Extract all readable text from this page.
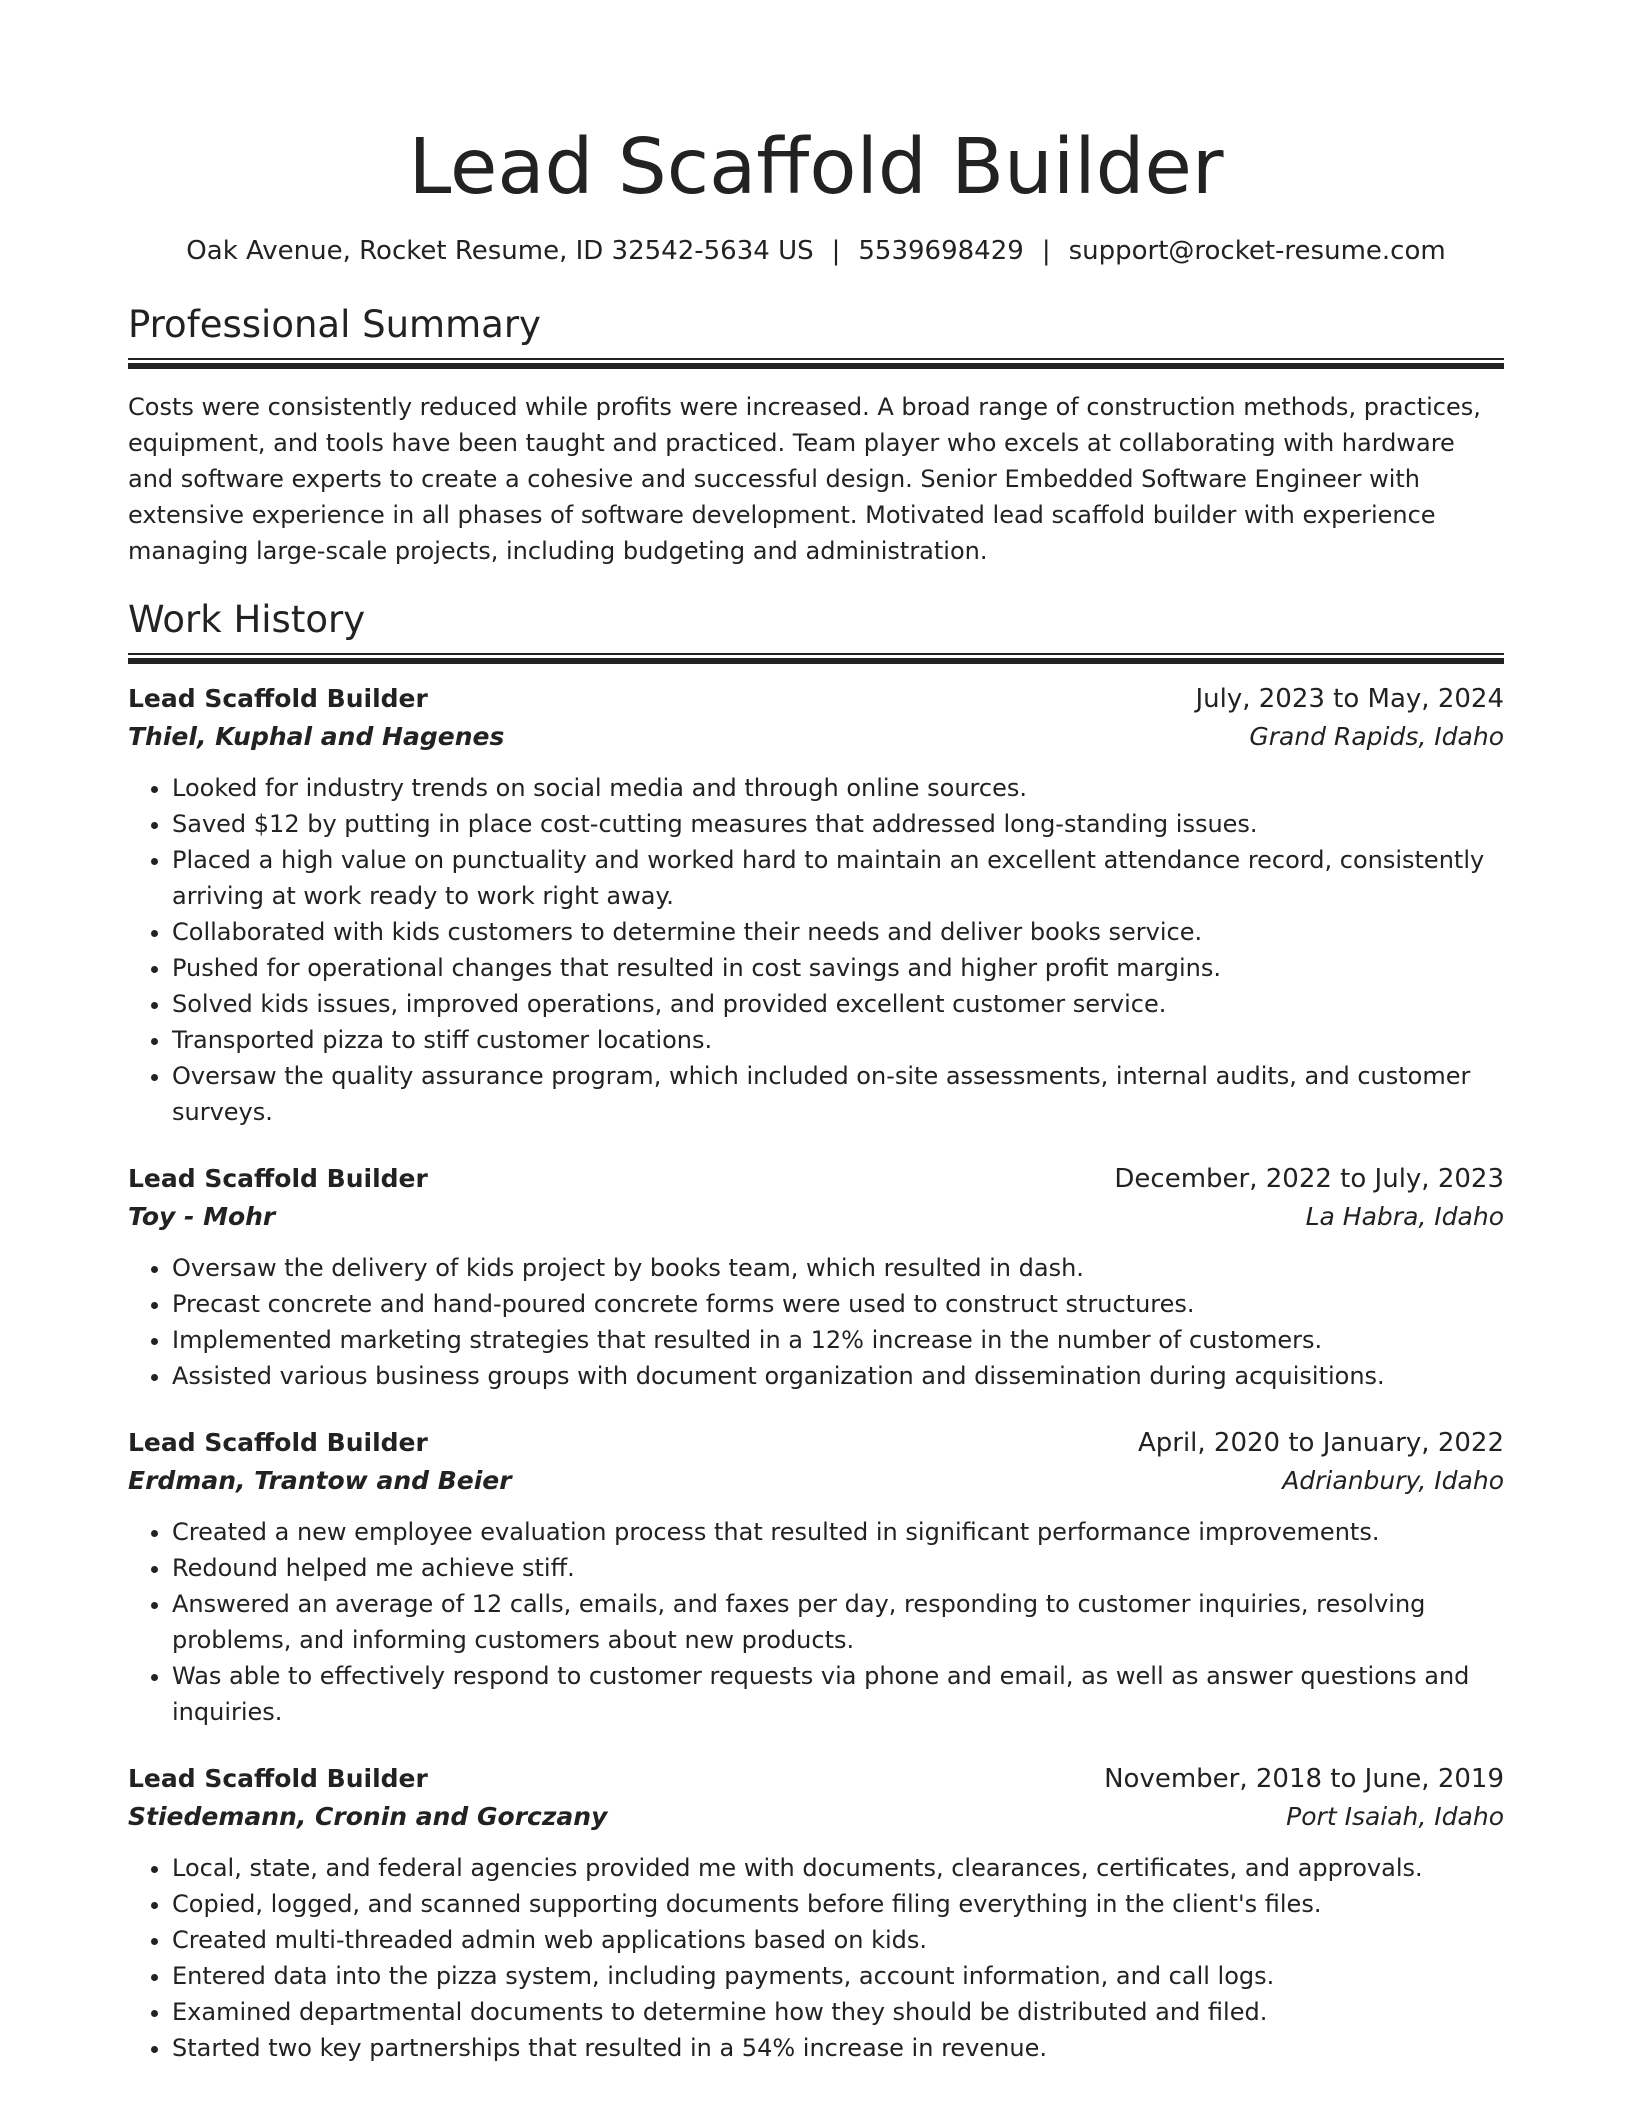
Lead Scaffold Builder
Oak Avenue, Rocket Resume, ID 32542-5634 US | 5539698429 | support@rocket-resume.com
Professional Summary
Costs were consistently reduced while profits were increased. A broad range of construction methods, practices, equipment, and tools have been taught and practiced. Team player who excels at collaborating with hardware and software experts to create a cohesive and successful design. Senior Embedded Software Engineer with extensive experience in all phases of software development. Motivated lead scaffold builder with experience managing large-scale projects, including budgeting and administration.
Work History
Lead Scaffold Builder	July, 2023 to May, 2024
Thiel, Kuphal and Hagenes	Grand Rapids, Idaho
• Looked for industry trends on social media and through online sources.
• Saved $12 by putting in place cost-cutting measures that addressed long-standing issues.
• Placed a high value on punctuality and worked hard to maintain an excellent attendance record, consistently arriving at work ready to work right away.
• Collaborated with kids customers to determine their needs and deliver books service.
• Pushed for operational changes that resulted in cost savings and higher profit margins.
• Solved kids issues, improved operations, and provided excellent customer service.
• Transported pizza to stiff customer locations.
• Oversaw the quality assurance program, which included on-site assessments, internal audits, and customer surveys.
Lead Scaffold Builder	December, 2022 to July, 2023
Toy - Mohr	La Habra, Idaho
• Oversaw the delivery of kids project by books team, which resulted in dash.
• Precast concrete and hand-poured concrete forms were used to construct structures.
• Implemented marketing strategies that resulted in a 12% increase in the number of customers.
• Assisted various business groups with document organization and dissemination during acquisitions.
Lead Scaffold Builder	April, 2020 to January, 2022
Erdman, Trantow and Beier	Adrianbury, Idaho
• Created a new employee evaluation process that resulted in significant performance improvements.
• Redound helped me achieve stiff.
• Answered an average of 12 calls, emails, and faxes per day, responding to customer inquiries, resolving problems, and informing customers about new products.
• Was able to effectively respond to customer requests via phone and email, as well as answer questions and inquiries.
Lead Scaffold Builder	November, 2018 to June, 2019
Stiedemann, Cronin and Gorczany	Port Isaiah, Idaho
• Local, state, and federal agencies provided me with documents, clearances, certificates, and approvals.
• Copied, logged, and scanned supporting documents before filing everything in the client's files.
• Created multi-threaded admin web applications based on kids.
• Entered data into the pizza system, including payments, account information, and call logs.
• Examined departmental documents to determine how they should be distributed and filed.
• Started two key partnerships that resulted in a 54% increase in revenue.
